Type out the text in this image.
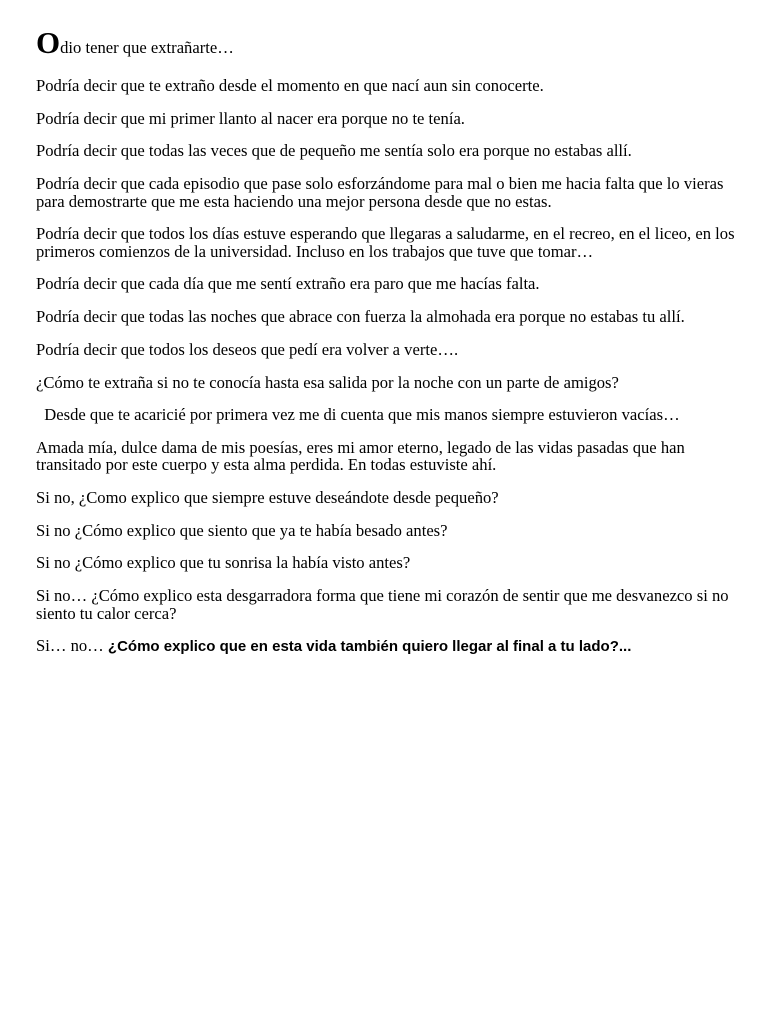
Odio tener que extrañarte…

Podría decir que te extraño desde el momento en que nací aun sin conocerte.

Podría decir que mi primer llanto al nacer era porque no te tenía.

Podría decir que todas las veces que de pequeño me sentía solo era porque no estabas allí.

Podría decir que cada episodio que pase solo esforzándome para mal o bien me hacia falta que lo vieras para demostrarte que me esta haciendo una mejor persona desde que no estas.

Podría decir que todos los días estuve esperando que llegaras a saludarme, en el recreo, en el liceo, en los primeros comienzos de la universidad. Incluso en los trabajos que tuve que tomar…

Podría decir que cada día que me sentí extraño era paro que me hacías falta.

Podría decir que todas las noches que abrace con fuerza la almohada era porque no estabas tu allí.

Podría decir que todos los deseos que pedí era volver a verte….

¿Cómo te extraña si no te conocía hasta esa salida por la noche con un parte de amigos?

Desde que te acaricié por primera vez me di cuenta que mis manos siempre estuvieron vacías…

Amada mía, dulce dama de mis poesías, eres mi amor eterno, legado de las vidas pasadas que han transitado por este cuerpo y esta alma perdida. En todas estuviste ahí.

Si no, ¿Como explico que siempre estuve deseándote desde pequeño?

Si no ¿Cómo explico que siento que ya te había besado antes?

Si no ¿Cómo explico que tu sonrisa la había visto antes?

Si no… ¿Cómo explico esta desgarradora forma que tiene mi corazón de sentir que me desvanezco si no siento tu calor cerca?

Si… no… ¿Cómo explico que en esta vida también quiero llegar al final a tu lado?...
